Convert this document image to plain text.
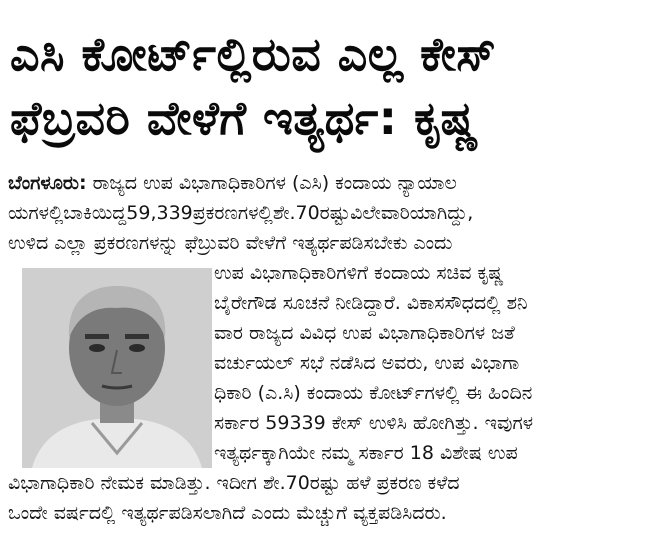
ಎಸಿ ಕೋರ್ಟ್‌ಲ್ಲಿರುವ ಎಲ್ಲ ಕೇಸ್
ಫೆಬ್ರವರಿ ವೇಳೆಗೆ ಇತ್ಯರ್ಥ: ಕೃಷ್ಣ
ಬೆಂಗಳೂರು: ರಾಜ್ಯದ ಉಪ ವಿಭಾಗಾಧಿಕಾರಿಗಳ (ಎಸಿ) ಕಂದಾಯ ನ್ಯಾಯಾಲ
ಯಗಳಲ್ಲಿಬಾಕಿಯಿದ್ದ59,339ಪ್ರಕರಣಗಳಲ್ಲಿಶೇ.70ರಷ್ಟುವಿಲೇವಾರಿಯಾಗಿದ್ದು,
ಉಳಿದ ಎಲ್ಲಾ ಪ್ರಕರಣಗಳನ್ನು ಫೆಬ್ರುವರಿ ವೇಳೆಗೆ ಇತ್ಯರ್ಥಪಡಿಸಬೇಕು ಎಂದು
ಉಪ ವಿಭಾಗಾಧಿಕಾರಿಗಳಿಗೆ ಕಂದಾಯ ಸಚಿವ ಕೃಷ್ಣ
ಬೈರೇಗೌಡ ಸೂಚನೆ ನೀಡಿದ್ದಾರೆ. ವಿಕಾಸಸೌಧದಲ್ಲಿ ಶನಿ
ವಾರ ರಾಜ್ಯದ ವಿವಿಧ ಉಪ ವಿಭಾಗಾಧಿಕಾರಿಗಳ ಜತೆ
ವರ್ಚುಯಲ್ ಸಭೆ ನಡೆಸಿದ ಅವರು, ಉಪ ವಿಭಾಗಾ
ಧಿಕಾರಿ (ಎ.ಸಿ) ಕಂದಾಯ ಕೋರ್ಟ್‌ಗಳಲ್ಲಿ ಈ ಹಿಂದಿನ
ಸರ್ಕಾರ 59339 ಕೇಸ್ ಉಳಿಸಿ ಹೋಗಿತ್ತು. ಇವುಗಳ
ಇತ್ಯರ್ಥಕ್ಕಾಗಿಯೇ ನಮ್ಮ ಸರ್ಕಾರ 18 ವಿಶೇಷ ಉಪ
ವಿಭಾಗಾಧಿಕಾರಿ ನೇಮಕ ಮಾಡಿತ್ತು. ಇದೀಗ ಶೇ.70ರಷ್ಟು ಹಳೆ ಪ್ರಕರಣ ಕಳೆದ
ಒಂದೇ ವರ್ಷದಲ್ಲಿ ಇತ್ಯರ್ಥಪಡಿಸಲಾಗಿದೆ ಎಂದು ಮೆಚ್ಚುಗೆ ವ್ಯಕ್ತಪಡಿಸಿದರು.
